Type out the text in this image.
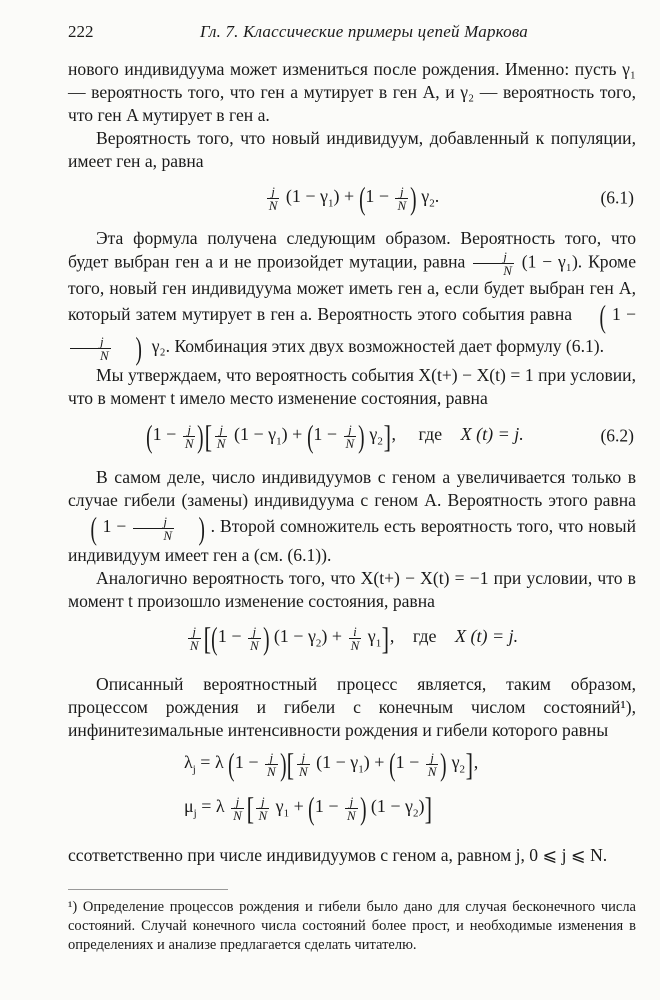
222	Гл. 7. Классические примеры цепей Маркова

нового индивидуума может измениться после рождения. Именно: пусть γ₁ — вероятность того, что ген a мутирует в ген A, и γ₂ — вероятность того, что ген A мутирует в ген a.

Вероятность того, что новый индивидуум, добавленный к популяции, имеет ген a, равна

$\frac{j}{N} (1 - \gamma_1) + (1 - \frac{j}{N}$ ) $\gamma_2$.	(6.1)

Эта формула получена следующим образом. Вероятность того, что будет выбран ген a и не произойдет мутации, равна $\frac{j}{N} (1 - \gamma_1)$. Кроме того, новый ген индивидуума может иметь ген a, если будет выбран ген A, который затем мутирует в ген a. Вероятность этого события равна ( 1 −
$\frac{j}{N}$ ) γ₂. Комбинация этих двух возможностей дает формулу (6.1).

Мы утверждаем, что вероятность события X(t+) − X(t) = 1 при условии, что в момент t имело место изменение состояния, равна

($1 - \frac{j}{N}$ )[ $\frac{j}{N} (1 - \gamma_1) + (1 - \frac{j}{N}$ ) $\gamma_2$], где X (t) = j.	(6.2)

В самом деле, число индивидуумов с геном a увеличивается только в случае гибели (замены) индивидуума с геном A. Вероятность этого равна ( $1 - \frac{j}{N}$ ) . Второй сомножитель есть вероятность того, что новый индивидуум имеет ген a (см. (6.1)).

Аналогично вероятность того, что X(t+) − X(t) = −1 при условии, что в момент t произошло изменение состояния, равна

$\frac{j}{N} [(1 - \frac{j}{N}$ ) $(1 - \gamma_2) + \frac{i}{N} \gamma_1$], где X (t) = j.

Описанный вероятностный процесс является, таким образом, процессом рождения и гибели с конечным числом состояний¹), инфинитезимальные интенсивности рождения и гибели которого равны

$\lambda_j = \lambda$ ($1 - \frac{j}{N}$ )[ $\frac{j}{N} (1 - \gamma_1) + (1 - \frac{j}{N}$ ) $\gamma_2$],
$\mu_j = \lambda \frac{j}{N}$ [ $\frac{j}{N} \gamma_1 + (1 - \frac{j}{N}$ ) $(1 - \gamma_2)$]

ссответственно при числе индивидуумов с геном a, равном j, 0 ⩽ j ⩽ N.

¹) Определение процессов рождения и гибели было дано для случая бесконечного числа состояний. Случай конечного числа состояний более прост, и необходимые изменения в определениях и анализе предлагается сделать читателю.
